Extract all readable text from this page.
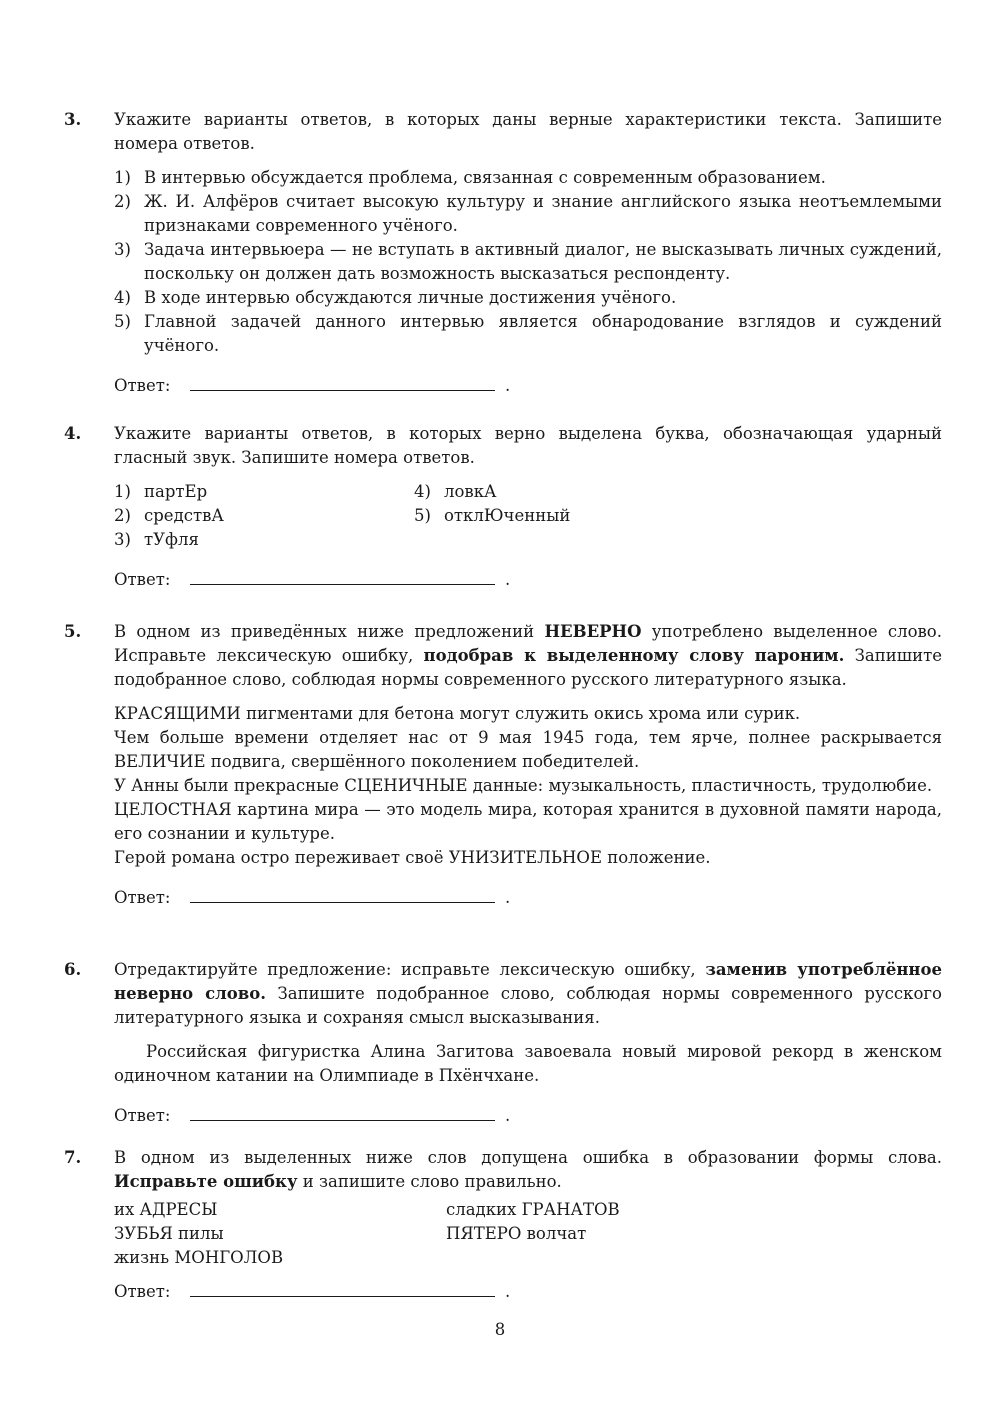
3. Укажите варианты ответов, в которых даны верные характеристики текста. Запишите номера ответов.

1) В интервью обсуждается проблема, связанная с современным образованием.
2) Ж. И. Алфёров считает высокую культуру и знание английского языка неотъемлемыми признаками современного учёного.
3) Задача интервьюера — не вступать в активный диалог, не высказывать личных суждений, поскольку он должен дать возможность высказаться респонденту.
4) В ходе интервью обсуждаются личные достижения учёного.
5) Главной задачей данного интервью является обнародование взглядов и суждений учёного.
Ответ:	.
4. Укажите варианты ответов, в которых верно выделена буква, обозначающая ударный гласный звук. Запишите номера ответов.

1) партЕр
2) средствА
3) тУфля
4) ловкА
5) отклЮченный
Ответ:	.
5. В одном из приведённых ниже предложений НЕВЕРНО употреблено выделенное слово. Исправьте лексическую ошибку, подобрав к выделенному слову пароним. Запишите подобранное слово, соблюдая нормы современного русского литературного языка.

КРАСЯЩИМИ пигментами для бетона могут служить окись хрома или сурик.

Чем больше времени отделяет нас от 9 мая 1945 года, тем ярче, полнее раскрывается ВЕЛИЧИЕ подвига, свершённого поколением победителей.

У Анны были прекрасные СЦЕНИЧНЫЕ данные: музыкальность, пластичность, трудолюбие.

ЦЕЛОСТНАЯ картина мира — это модель мира, которая хранится в духовной памяти народа, его сознании и культуре.

Герой романа остро переживает своё УНИЗИТЕЛЬНОЕ положение.

Ответ:	.
6. Отредактируйте предложение: исправьте лексическую ошибку, заменив употреблённое неверно слово. Запишите подобранное слово, соблюдая нормы современного русского литературного языка и сохраняя смысл высказывания.

Российская фигуристка Алина Загитова завоевала новый мировой рекорд в женском одиночном катании на Олимпиаде в Пхёнчхане.

Ответ:	.
7. В одном из выделенных ниже слов допущена ошибка в образовании формы слова. Исправьте ошибку и запишите слово правильно.

их АДРЕСЫ
ЗУБЬЯ пилы
жизнь МОНГОЛОВ
сладких ГРАНАТОВ
ПЯТЕРО волчат
Ответ:	.
8
